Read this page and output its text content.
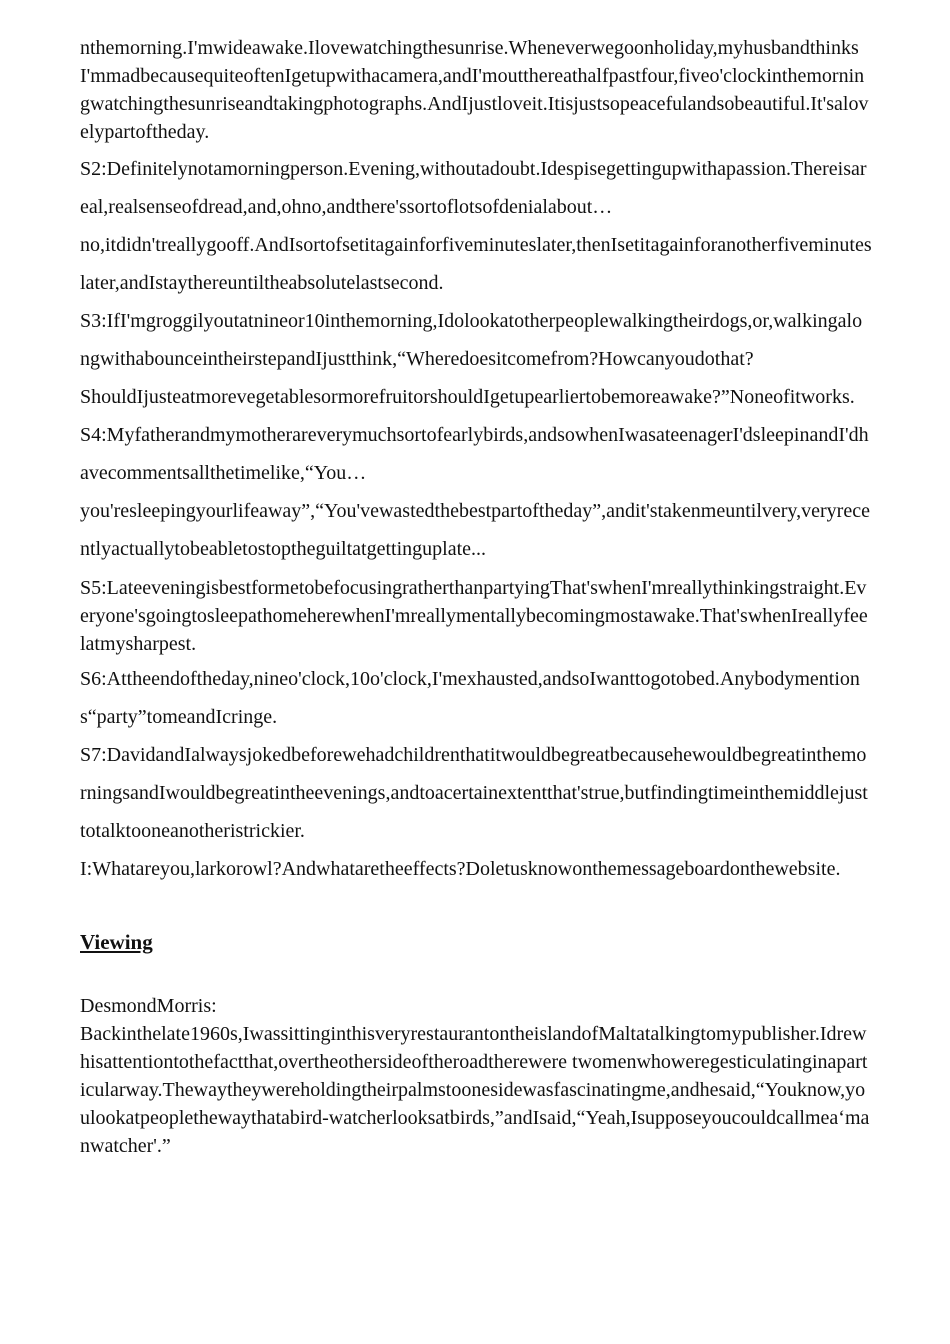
nthemorning.I'mwideawake.Ilovewatchingthesunrise.Wheneverwegoonholiday,myhusbandthinksI'mmadbecausequiteoftenIgetupwithacamera,andI'moutthereathalfpastfour,fiveo'clockinthemorningwatchingthesunriseandtakingphotographs.AndIjustloveit.Itisjustsopeacefulandsobeautiful.It'salovelypartoftheday.

S2:Definitelynotamorningperson.Evening,withoutadoubt.Idespisegettingupwithapassion.Thereisareal,realsenseofdread,and,ohno,andthere'ssortoflotsofdenialabout…

no,itdidn'treallygooff.AndIsortofsetitagainforfiveminuteslater,thenIsetitagainforanotherfiveminuteslater,andIstaythereuntiltheabsolutelastsecond.

S3:IfI'mgroggilyoutatnineor10inthemorning,Idolookatotherpeoplewalkingtheirdogs,or,walkingalongwithabounceintheirstepandIjustthink,“Wheredoesitcomefrom?Howcanyoudothat?

ShouldIjusteatmorevegetablesormorefruitorshouldIgetupearliertobemoreawake?”Noneofitworks.

S4:Myfatherandmymotherareverymuchsortofearlybirds,andsowhenIwasateenagerI'dsleepinandI'dhavecommentsallthetimelike,“You…

you'resleepingyourlifeaway”,“You'vewastedthebestpartoftheday”,andit'stakenmeuntilvery,veryrecentlyactuallytobeabletostoptheguiltatgettinguplate...

S5:LateeveningisbestformetobefocusingratherthanpartyingThat'swhenI'mreallythinkingstraight.Everyone'sgoingtosleepathomeherewhenI'mreallymentallybecomingmostawake.That'swhenIreallyfeelatmysharpest.

S6:Attheendoftheday,nineo'clock,10o'clock,I'mexhausted,andsoIwanttogotobed.Anybodymentions“party”tomeandIcringe.

S7:DavidandIalwaysjokedbeforewehadchildrenthatitwouldbegreatbecausehewouldbegreatinthemorningsandIwouldbegreatintheevenings,andtoacertainextentthat'strue,butfindingtimeinthemiddlejusttotalktooneanotheristrickier.

I:Whatareyou,larkorowl?Andwhataretheeffects?Doletusknowonthemessageboardonthewebsite.

Viewing

DesmondMorris:

Backinthelate1960s,IwassittinginthisveryrestaurantontheislandofMaltatalkingtomypublisher.Idrewhisattentiontothefactthat,overtheothersideoftheroadtherewere twomenwhoweregesticulatinginaparticularway.Thewaytheywereholdingtheirpalmstoonesidewasfascinatingme,andhesaid,“Youknow,youlookatpeoplethewaythatabird-watcherlooksatbirds,”andIsaid,“Yeah,Isupposeyoucouldcallmea‘manwatcher'.”
